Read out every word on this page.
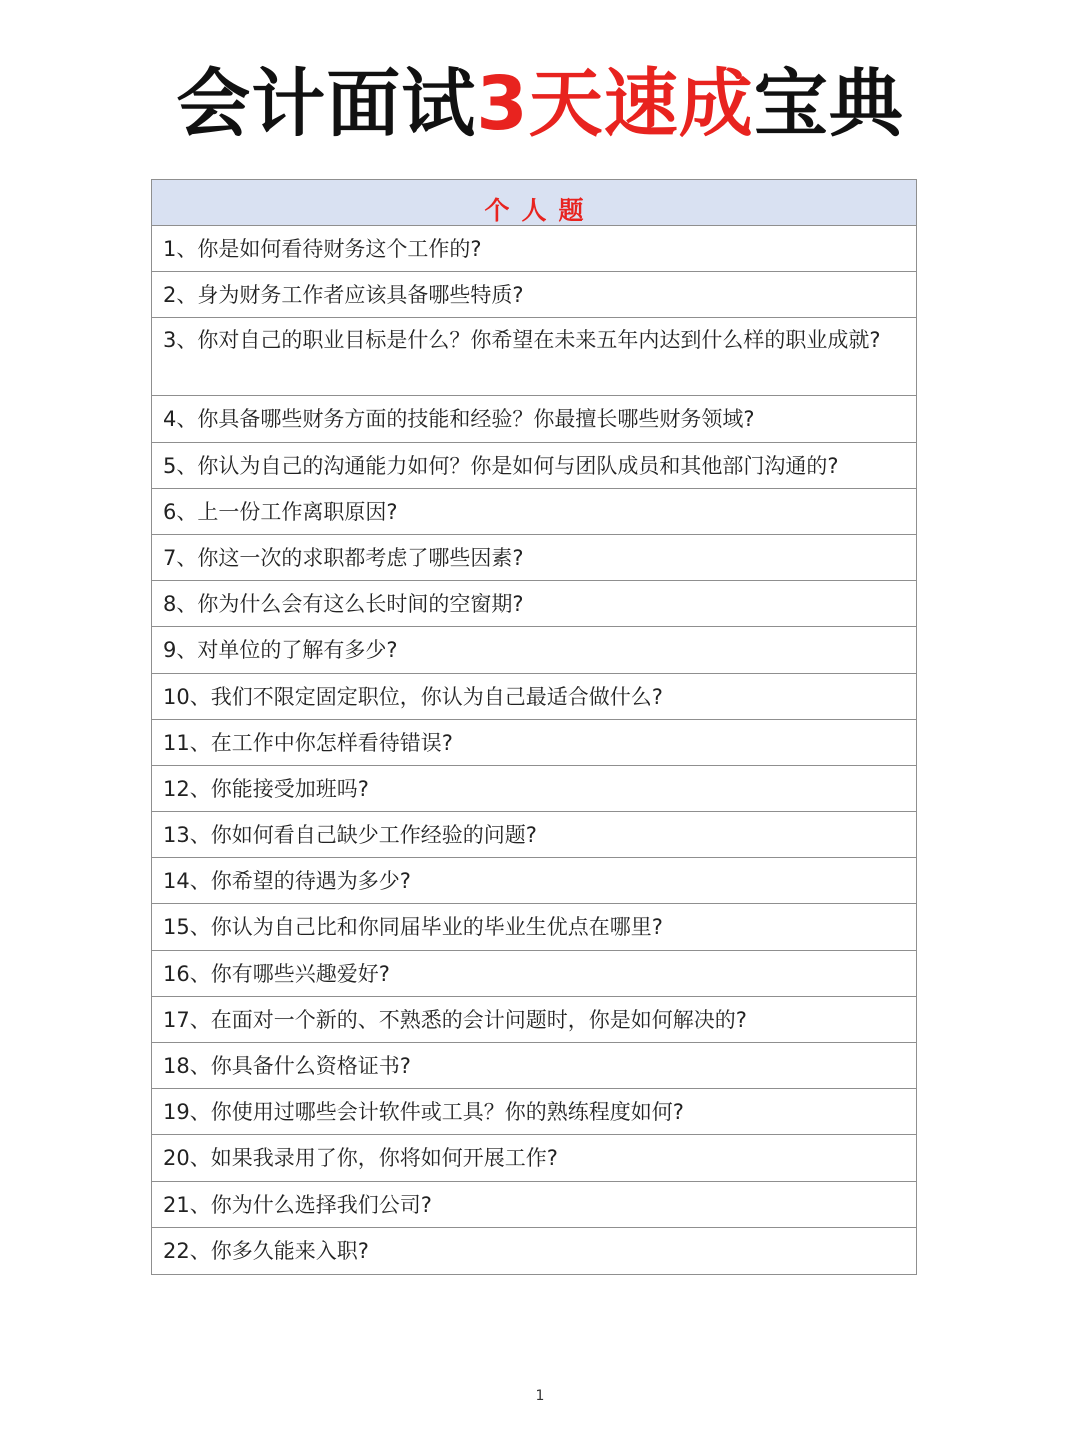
会计面试3天速成宝典
个人题
1、你是如何看待财务这个工作的?
2、身为财务工作者应该具备哪些特质?
3、你对自己的职业目标是什么？你希望在未来五年内达到什么样的职业成就?
4、你具备哪些财务方面的技能和经验？你最擅长哪些财务领域?
5、你认为自己的沟通能力如何？你是如何与团队成员和其他部门沟通的?
6、上一份工作离职原因?
7、你这一次的求职都考虑了哪些因素?
8、你为什么会有这么长时间的空窗期?
9、对单位的了解有多少?
10、我们不限定固定职位，你认为自己最适合做什么?
11、在工作中你怎样看待错误?
12、你能接受加班吗?
13、你如何看自己缺少工作经验的问题?
14、你希望的待遇为多少?
15、你认为自己比和你同届毕业的毕业生优点在哪里?
16、你有哪些兴趣爱好?
17、在面对一个新的、不熟悉的会计问题时，你是如何解决的?
18、你具备什么资格证书?
19、你使用过哪些会计软件或工具？你的熟练程度如何?
20、如果我录用了你，你将如何开展工作?
21、你为什么选择我们公司?
22、你多久能来入职?
1
